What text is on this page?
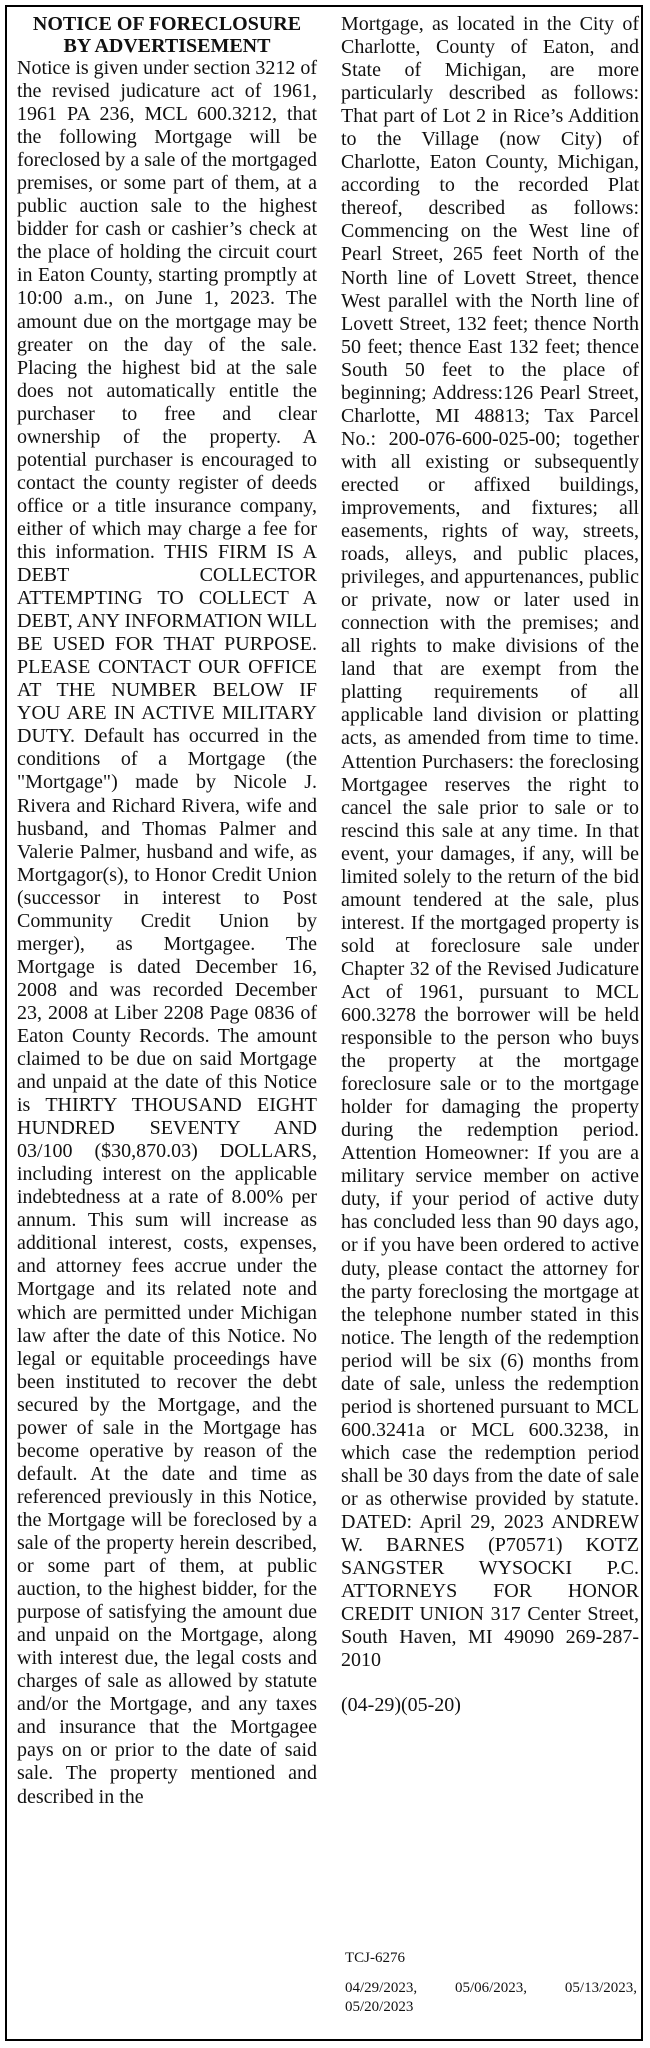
NOTICE OF FORECLOSURE
BY ADVERTISEMENT

Notice is given under section 3212 of the revised judicature act of 1961, 1961 PA 236, MCL 600.3212, that the following Mortgage will be foreclosed by a sale of the mortgaged premises, or some part of them, at a public auction sale to the highest bidder for cash or cashier’s check at the place of holding the circuit court in Eaton County, starting promptly at 10:00 a.m., on June 1, 2023. The amount due on the mortgage may be greater on the day of the sale. Placing the highest bid at the sale does not automatically entitle the purchaser to free and clear ownership of the property. A potential purchaser is encouraged to contact the county register of deeds office or a title insurance company, either of which may charge a fee for this information. THIS FIRM IS A DEBT COLLECTOR ATTEMPTING TO COLLECT A DEBT, ANY INFORMATION WILL BE USED FOR THAT PURPOSE. PLEASE CONTACT OUR OFFICE AT THE NUMBER BELOW IF YOU ARE IN ACTIVE MILITARY DUTY. Default has occurred in the conditions of a Mortgage (the "Mortgage") made by Nicole J. Rivera and Richard Rivera, wife and husband, and Thomas Palmer and Valerie Palmer, husband and wife, as Mortgagor(s), to Honor Credit Union (successor in interest to Post Community Credit Union by merger), as Mortgagee. The Mortgage is dated December 16, 2008 and was recorded December 23, 2008 at Liber 2208 Page 0836 of Eaton County Records. The amount claimed to be due on said Mortgage and unpaid at the date of this Notice is THIRTY THOUSAND EIGHT HUNDRED SEVENTY AND 03/100 ($30,870.03) DOLLARS, including interest on the applicable indebtedness at a rate of 8.00% per annum. This sum will increase as additional interest, costs, expenses, and attorney fees accrue under the Mortgage and its related note and which are permitted under Michigan law after the date of this Notice. No legal or equitable proceedings have been instituted to recover the debt secured by the Mortgage, and the power of sale in the Mortgage has become operative by reason of the default. At the date and time as referenced previously in this Notice, the Mortgage will be foreclosed by a sale of the property herein described, or some part of them, at public auction, to the highest bidder, for the purpose of satisfying the amount due and unpaid on the Mortgage, along with interest due, the legal costs and charges of sale as allowed by statute and/or the Mortgage, and any taxes and insurance that the Mortgagee pays on or prior to the date of said sale. The property mentioned and described in the

Mortgage, as located in the City of Charlotte, County of Eaton, and State of Michigan, are more particularly described as follows: That part of Lot 2 in Rice’s Addition to the Village (now City) of Charlotte, Eaton County, Michigan, according to the recorded Plat thereof, described as follows: Commencing on the West line of Pearl Street, 265 feet North of the North line of Lovett Street, thence West parallel with the North line of Lovett Street, 132 feet; thence North 50 feet; thence East 132 feet; thence South 50 feet to the place of beginning; Address:126 Pearl Street, Charlotte, MI 48813; Tax Parcel No.: 200-076-600-025-00; together with all existing or subsequently erected or affixed buildings, improvements, and fixtures; all easements, rights of way, streets, roads, alleys, and public places, privileges, and appurtenances, public or private, now or later used in connection with the premises; and all rights to make divisions of the land that are exempt from the platting requirements of all applicable land division or platting acts, as amended from time to time. Attention Purchasers: the foreclosing Mortgagee reserves the right to cancel the sale prior to sale or to rescind this sale at any time. In that event, your damages, if any, will be limited solely to the return of the bid amount tendered at the sale, plus interest. If the mortgaged property is sold at foreclosure sale under Chapter 32 of the Revised Judicature Act of 1961, pursuant to MCL 600.3278 the borrower will be held responsible to the person who buys the property at the mortgage foreclosure sale or to the mortgage holder for damaging the property during the redemption period. Attention Homeowner: If you are a military service member on active duty, if your period of active duty has concluded less than 90 days ago, or if you have been ordered to active duty, please contact the attorney for the party foreclosing the mortgage at the telephone number stated in this notice. The length of the redemption period will be six (6) months from date of sale, unless the redemption period is shortened pursuant to MCL 600.3241a or MCL 600.3238, in which case the redemption period shall be 30 days from the date of sale or as otherwise provided by statute. DATED: April 29, 2023 ANDREW W. BARNES (P70571) KOTZ SANGSTER WYSOCKI P.C. ATTORNEYS FOR HONOR CREDIT UNION 317 Center Street, South Haven, MI 49090 269-287-2010

(04-29)(05-20)

TCJ-6276
04/29/2023, 05/06/2023, 05/13/2023,
05/20/2023
